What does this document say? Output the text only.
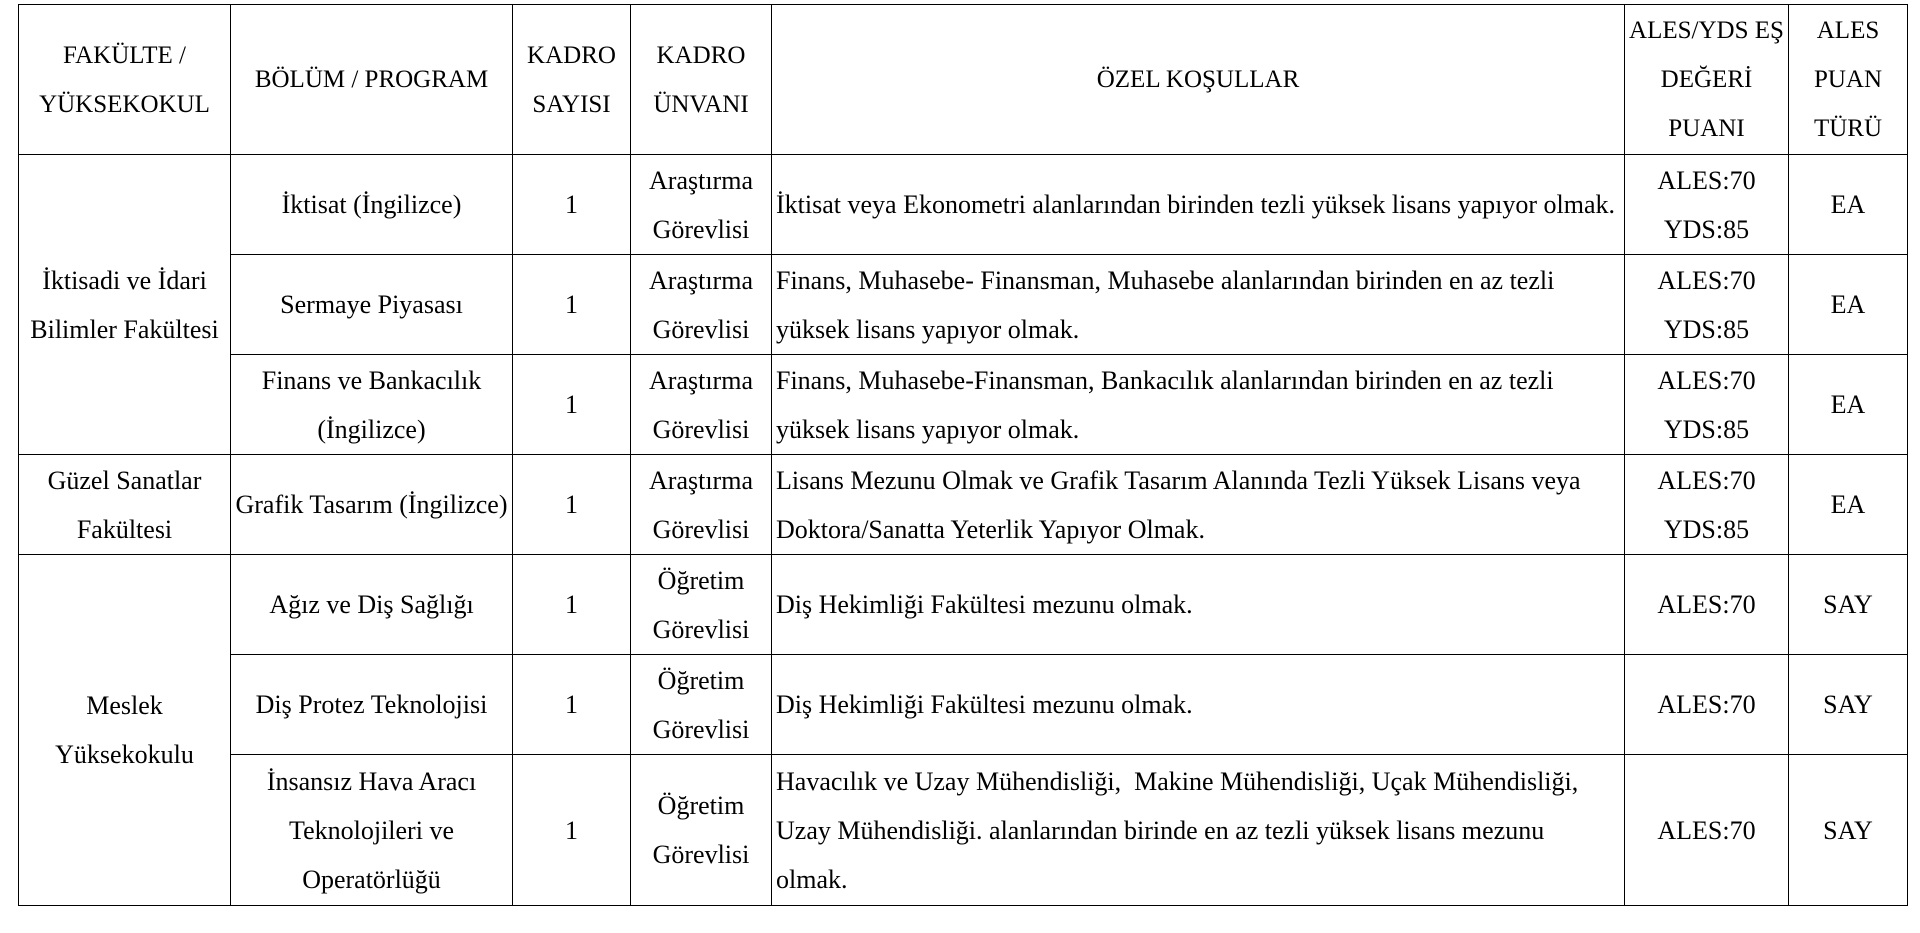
FAKÜLTE / YÜKSEKOKUL	BÖLÜM / PROGRAM	KADRO SAYISI	KADRO ÜNVANI	ÖZEL KOŞULLAR	ALES/YDS EŞ DEĞERİ PUANI	ALES PUAN TÜRÜ
İktisadi ve İdari Bilimler Fakültesi	İktisat (İngilizce)	1	Araştırma Görevlisi	İktisat veya Ekonometri alanlarından birinden tezli yüksek lisans yapıyor olmak.	ALES:70 YDS:85	EA
	Sermaye Piyasası	1	Araştırma Görevlisi	Finans, Muhasebe- Finansman, Muhasebe alanlarından birinden en az tezli yüksek lisans yapıyor olmak.	ALES:70 YDS:85	EA
	Finans ve Bankacılık (İngilizce)	1	Araştırma Görevlisi	Finans, Muhasebe-Finansman, Bankacılık alanlarından birinden en az tezli yüksek lisans yapıyor olmak.	ALES:70 YDS:85	EA
Güzel Sanatlar Fakültesi	Grafik Tasarım (İngilizce)	1	Araştırma Görevlisi	Lisans Mezunu Olmak ve Grafik Tasarım Alanında Tezli Yüksek Lisans veya Doktora/Sanatta Yeterlik Yapıyor Olmak.	ALES:70 YDS:85	EA
Meslek Yüksekokulu	Ağız ve Diş Sağlığı	1	Öğretim Görevlisi	Diş Hekimliği Fakültesi mezunu olmak.	ALES:70	SAY
	Diş Protez Teknolojisi	1	Öğretim Görevlisi	Diş Hekimliği Fakültesi mezunu olmak.	ALES:70	SAY
	İnsansız Hava Aracı Teknolojileri ve Operatörlüğü	1	Öğretim Görevlisi	Havacılık ve Uzay Mühendisliği,  Makine Mühendisliği, Uçak Mühendisliği, Uzay Mühendisliği. alanlarından birinde en az tezli yüksek lisans mezunu olmak.	ALES:70	SAY
